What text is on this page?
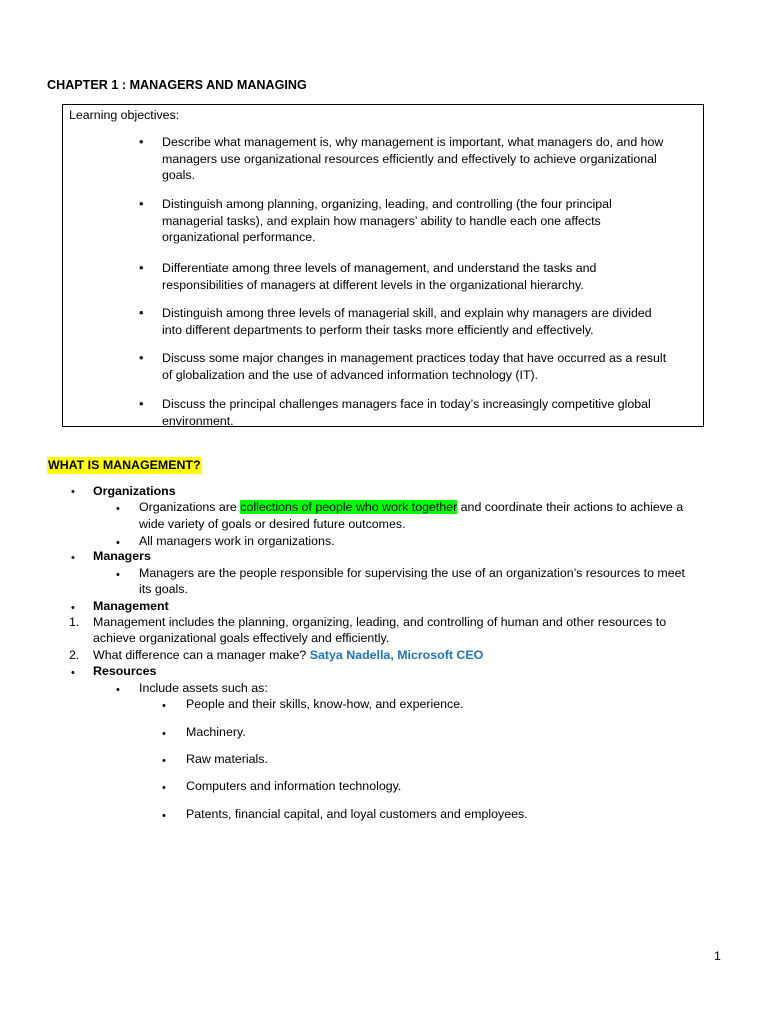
CHAPTER 1 : MANAGERS AND MANAGING
Learning objectives:
• Describe what management is, why management is important, what managers do, and how
managers use organizational resources efficiently and effectively to achieve organizational
goals.
• Distinguish among planning, organizing, leading, and controlling (the four principal
managerial tasks), and explain how managers’ ability to handle each one affects
organizational performance.
• Differentiate among three levels of management, and understand the tasks and
responsibilities of managers at different levels in the organizational hierarchy.
• Distinguish among three levels of managerial skill, and explain why managers are divided
into different departments to perform their tasks more efficiently and effectively.
• Discuss some major changes in management practices today that have occurred as a result
of globalization and the use of advanced information technology (IT).
• Discuss the principal challenges managers face in today’s increasingly competitive global
environment.
WHAT IS MANAGEMENT?
• Organizations
• Organizations are collections of people who work together and coordinate their actions to achieve a
wide variety of goals or desired future outcomes.
• All managers work in organizations.
• Managers
• Managers are the people responsible for supervising the use of an organization’s resources to meet
its goals.
• Management
1. Management includes the planning, organizing, leading, and controlling of human and other resources to
achieve organizational goals effectively and efficiently.
2. What difference can a manager make? Satya Nadella, Microsoft CEO
• Resources
• Include assets such as:
• People and their skills, know-how, and experience.
• Machinery.
• Raw materials.
• Computers and information technology.
• Patents, financial capital, and loyal customers and employees.
1
